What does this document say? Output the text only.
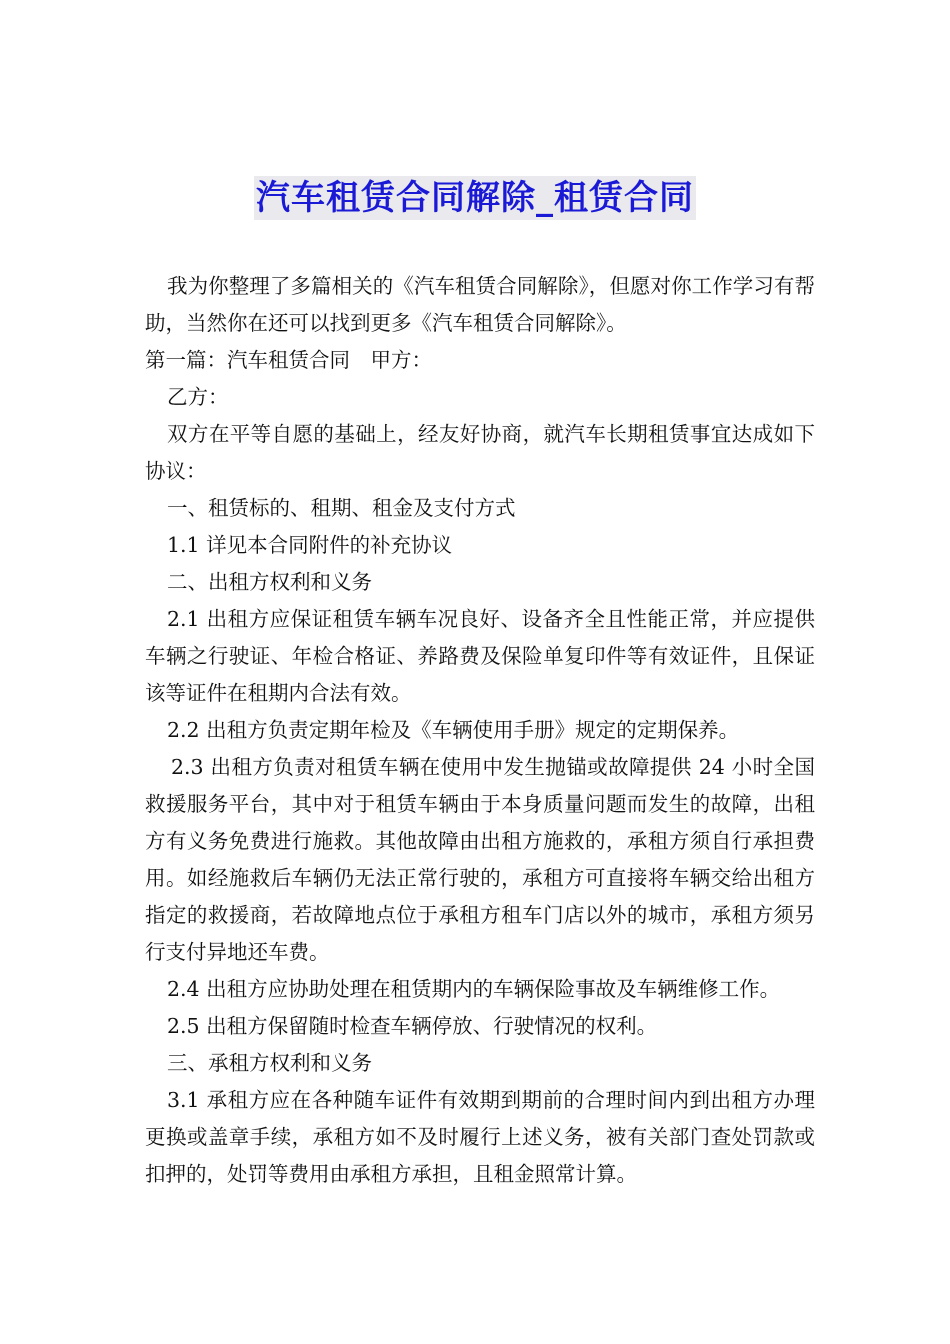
汽车租赁合同解除_租赁合同

我为你整理了多篇相关的《汽车租赁合同解除》，但愿对你工作学习有帮助，当然你在还可以找到更多《汽车租赁合同解除》。

第一篇：汽车租赁合同　甲方：

乙方：

双方在平等自愿的基础上，经友好协商，就汽车长期租赁事宜达成如下协议：

一、租赁标的、租期、租金及支付方式

1.1 详见本合同附件的补充协议

二、出租方权利和义务

2.1 出租方应保证租赁车辆车况良好、设备齐全且性能正常，并应提供车辆之行驶证、年检合格证、养路费及保险单复印件等有效证件，且保证该等证件在租期内合法有效。

2.2 出租方负责定期年检及《车辆使用手册》规定的定期保养。

2.3 出租方负责对租赁车辆在使用中发生抛锚或故障提供 24 小时全国救援服务平台，其中对于租赁车辆由于本身质量问题而发生的故障，出租方有义务免费进行施救。其他故障由出租方施救的，承租方须自行承担费用。如经施救后车辆仍无法正常行驶的，承租方可直接将车辆交给出租方指定的救援商，若故障地点位于承租方租车门店以外的城市，承租方须另行支付异地还车费。

2.4 出租方应协助处理在租赁期内的车辆保险事故及车辆维修工作。

2.5 出租方保留随时检查车辆停放、行驶情况的权利。

三、承租方权利和义务

3.1 承租方应在各种随车证件有效期到期前的合理时间内到出租方办理更换或盖章手续，承租方如不及时履行上述义务，被有关部门查处罚款或扣押的，处罚等费用由承租方承担，且租金照常计算。
